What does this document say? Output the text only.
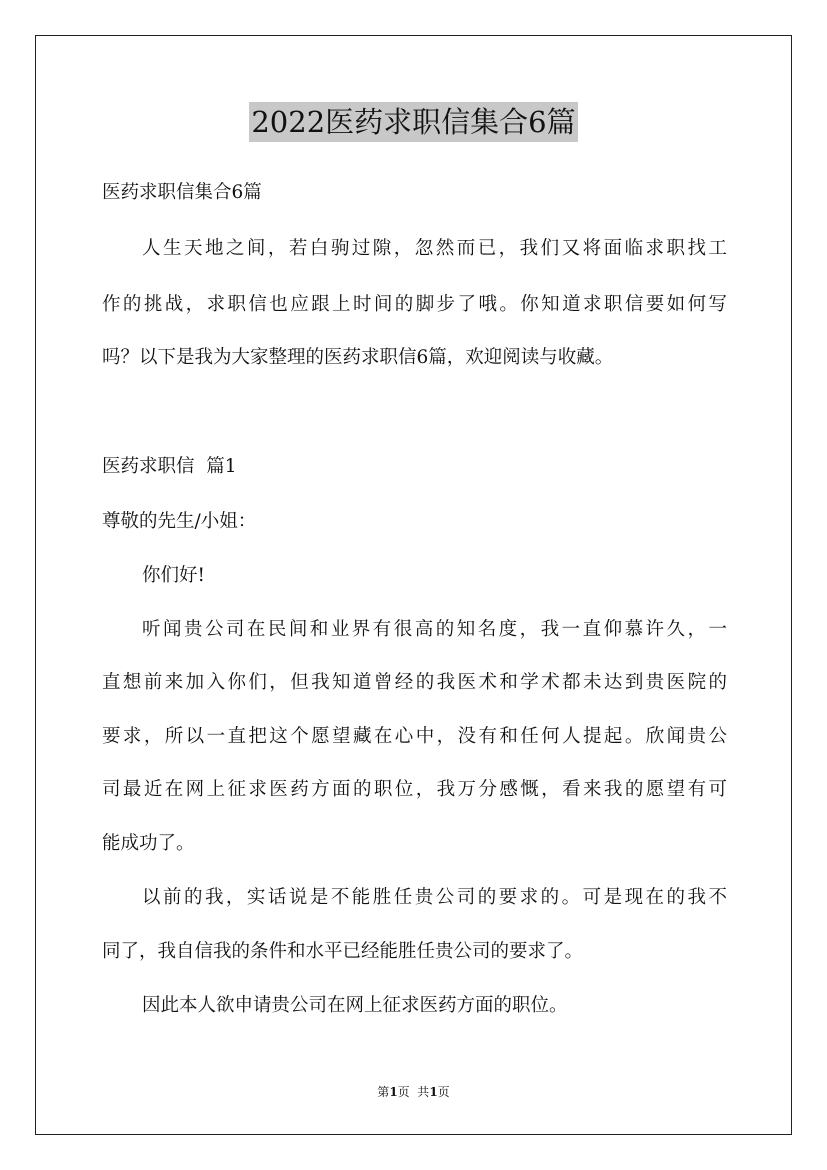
2022医药求职信集合6篇
医药求职信集合6篇
人生天地之间，若白驹过隙，忽然而已，我们又将面临求职找工
作的挑战，求职信也应跟上时间的脚步了哦。你知道求职信要如何写
吗？以下是我为大家整理的医药求职信6篇，欢迎阅读与收藏。
医药求职信  篇1
尊敬的先生/小姐：
你们好!
听闻贵公司在民间和业界有很高的知名度，我一直仰慕许久，一
直想前来加入你们，但我知道曾经的我医术和学术都未达到贵医院的
要求，所以一直把这个愿望藏在心中，没有和任何人提起。欣闻贵公
司最近在网上征求医药方面的职位，我万分感慨，看来我的愿望有可
能成功了。
以前的我，实话说是不能胜任贵公司的要求的。可是现在的我不
同了，我自信我的条件和水平已经能胜任贵公司的要求了。
因此本人欲申请贵公司在网上征求医药方面的职位。
第1页  共1页
